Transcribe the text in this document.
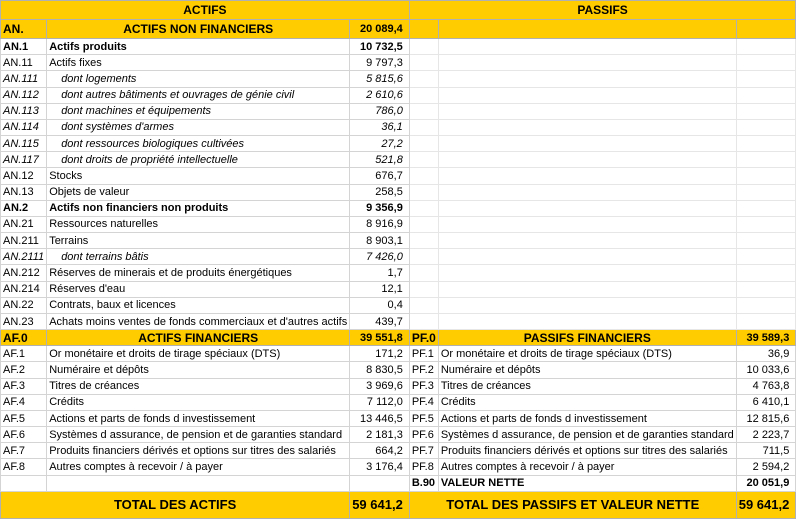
ACTIFS			PASSIFS		
AN.	ACTIFS NON FINANCIERS	20 089,4			
AN.1	Actifs produits	10 732,5			
AN.11	Actifs fixes	9 797,3			
AN.111	dont logements	5 815,6			
AN.112	dont autres bâtiments et ouvrages de génie civil	2 610,6			
AN.113	dont machines et équipements	786,0			
AN.114	dont systèmes d'armes	36,1			
AN.115	dont ressources biologiques cultivées	27,2			
AN.117	dont droits de propriété intellectuelle	521,8			
AN.12	Stocks	676,7			
AN.13	Objets de valeur	258,5			
AN.2	Actifs non financiers non produits	9 356,9			
AN.21	Ressources naturelles	8 916,9			
AN.211	Terrains	8 903,1			
AN.2111	dont terrains bâtis	7 426,0			
AN.212	Réserves de minerais et de produits énergétiques	1,7			
AN.214	Réserves d'eau	12,1			
AN.22	Contrats, baux et licences	0,4			
AN.23	Achats moins ventes de fonds commerciaux et d'autres actifs	439,7			
AF.0	ACTIFS FINANCIERS	39 551,8	PF.0	PASSIFS FINANCIERS	39 589,3
AF.1	Or monétaire et droits de tirage spéciaux (DTS)	171,2	PF.1	Or monétaire et droits de tirage spéciaux (DTS)	36,9
AF.2	Numéraire et dépôts	8 830,5	PF.2	Numéraire et dépôts	10 033,6
AF.3	Titres de créances	3 969,6	PF.3	Titres de créances	4 763,8
AF.4	Crédits	7 112,0	PF.4	Crédits	6 410,1
AF.5	Actions et parts de fonds d investissement	13 446,5	PF.5	Actions et parts de fonds d investissement	12 815,6
AF.6	Systèmes d assurance, de pension et de garanties standard	2 181,3	PF.6	Systèmes d assurance, de pension et de garanties standard	2 223,7
AF.7	Produits financiers dérivés et options sur titres des salariés	664,2	PF.7	Produits financiers dérivés et options sur titres des salariés	711,5
AF.8	Autres comptes à recevoir / à payer	3 176,4	PF.8	Autres comptes à recevoir / à payer	2 594,2
			B.90	VALEUR NETTE	20 051,9
TOTAL DES ACTIFS		59 641,2	TOTAL DES PASSIFS ET VALEUR NETTE		59 641,2
